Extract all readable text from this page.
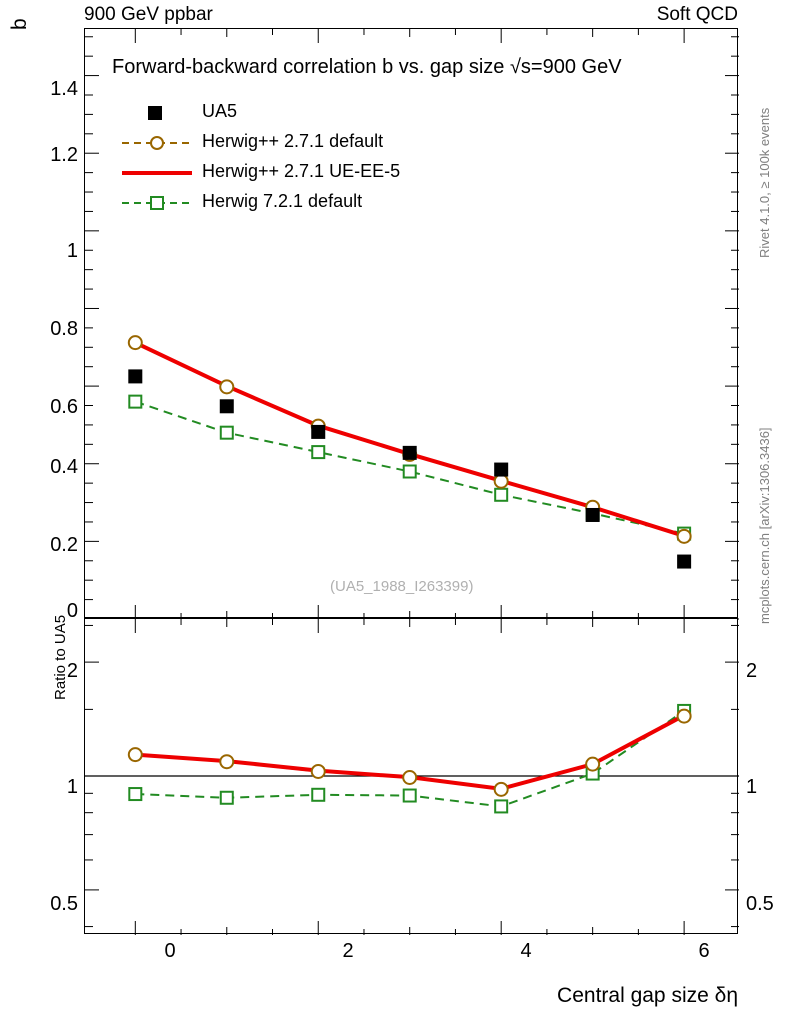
900 GeV ppbar	Soft QCD
b
Rivet 4.1.0, ≥ 100k events
mcplots.cern.ch [arXiv:1306.3436]
1.4
1.2
1
0.8
0.6
0.4
0.2
0
Forward-backward correlation b vs. gap size √s=900 GeV
UA5
Herwig++ 2.7.1 default
Herwig++ 2.7.1 UE-EE-5
Herwig 7.2.1 default
(UA5_1988_I263399)
Ratio to UA5
2
1
0.5
2
1
0.5
0	2	4	6
Central gap size δη
